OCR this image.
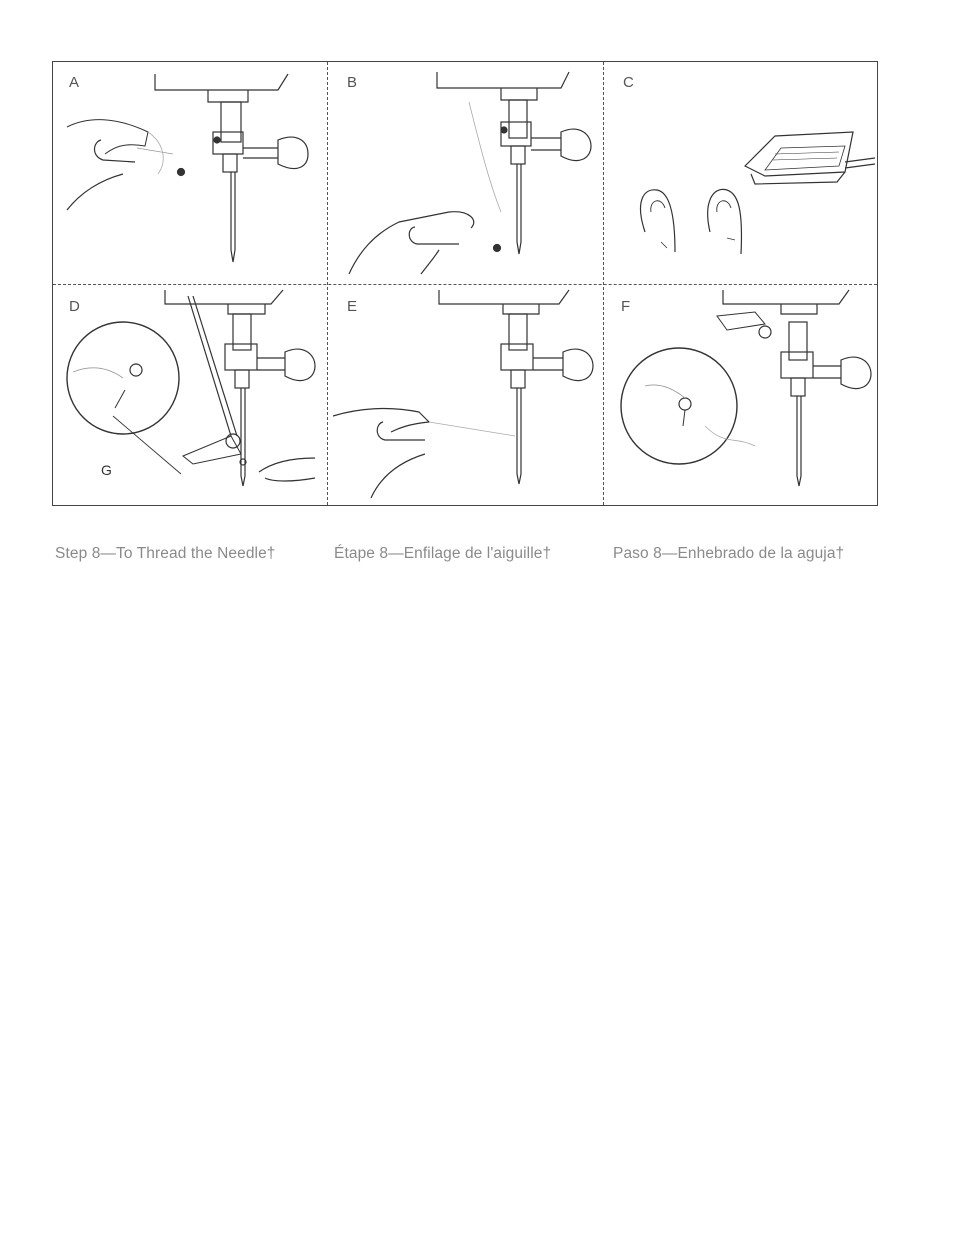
A	B	C
D
G
E	F
Step 8—To Thread the Needle†	Étape 8—Enfilage de l'aiguille†	Paso 8—Enhebrado de la aguja†
